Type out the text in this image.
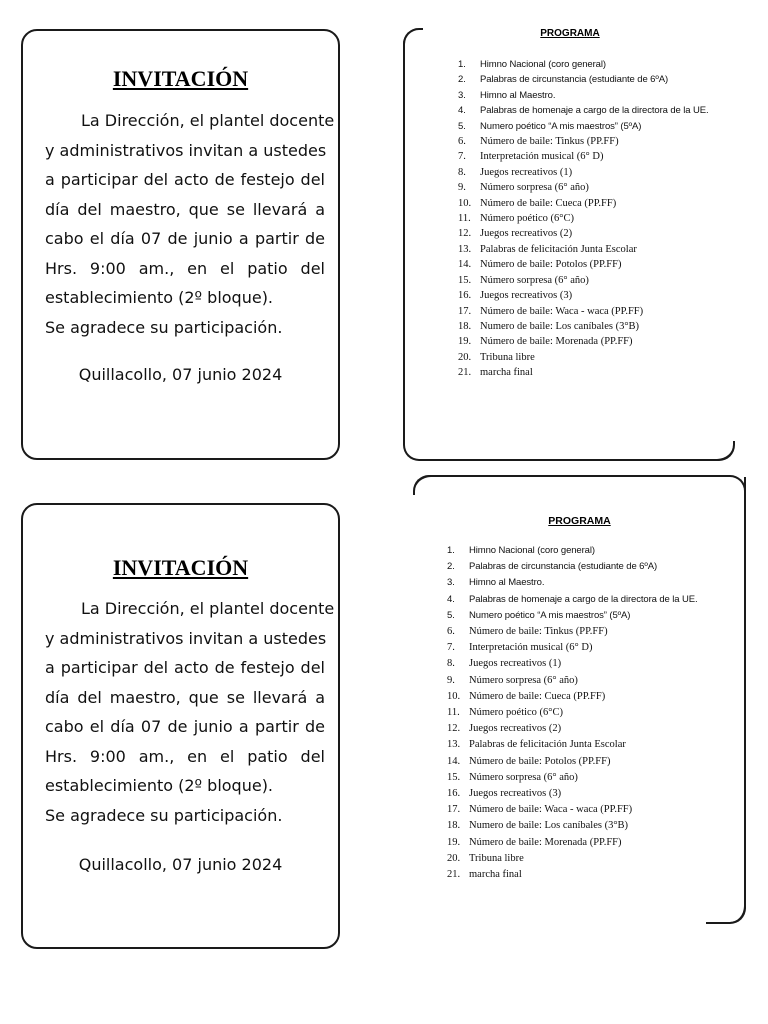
INVITACIÓN
La Dirección, el plantel docente
y administrativos invitan a ustedes
a participar del acto de festejo del
día del maestro, que se llevará a
cabo el día 07 de junio a partir de
Hrs. 9:00 am., en el patio del
establecimiento (2º bloque).
Se agradece su participación.
Quillacollo, 07 junio 2024
INVITACIÓN
La Dirección, el plantel docente
y administrativos invitan a ustedes
a participar del acto de festejo del
día del maestro, que se llevará a
cabo el día 07 de junio a partir de
Hrs. 9:00 am., en el patio del
establecimiento (2º bloque).
Se agradece su participación.
Quillacollo, 07 junio 2024
PROGRAMA
1.	Himno Nacional (coro general)
2.	Palabras de circunstancia (estudiante de 6ºA)
3.	Himno al Maestro.
4.	Palabras de homenaje a cargo de la directora de la UE.
5.	Numero poético “A mis maestros” (5ºA)
6.	Número de baile: Tinkus (PP.FF)
7.	Interpretación musical (6° D)
8.	Juegos recreativos (1)
9.	Número sorpresa (6° año)
10. Número de baile: Cueca (PP.FF)
11. Número poético (6°C)
12. Juegos recreativos (2)
13. Palabras de felicitación Junta Escolar
14. Número de baile: Potolos (PP.FF)
15. Número sorpresa (6° año)
16. Juegos recreativos (3)
17. Número de baile: Waca - waca (PP.FF)
18. Numero de baile: Los caníbales (3°B)
19. Número de baile: Morenada (PP.FF)
20. Tribuna libre
21. marcha final
PROGRAMA
1.	Himno Nacional (coro general)
2.	Palabras de circunstancia (estudiante de 6ºA)
3.	Himno al Maestro.
4.	Palabras de homenaje a cargo de la directora de la UE.
5.	Numero poético “A mis maestros” (5ºA)
6.	Número de baile: Tinkus (PP.FF)
7.	Interpretación musical (6° D)
8.	Juegos recreativos (1)
9.	Número sorpresa (6° año)
10. Número de baile: Cueca (PP.FF)
11. Número poético (6°C)
12. Juegos recreativos (2)
13. Palabras de felicitación Junta Escolar
14. Número de baile: Potolos (PP.FF)
15. Número sorpresa (6° año)
16. Juegos recreativos (3)
17. Número de baile: Waca - waca (PP.FF)
18. Numero de baile: Los caníbales (3°B)
19. Número de baile: Morenada (PP.FF)
20. Tribuna libre
21. marcha final
